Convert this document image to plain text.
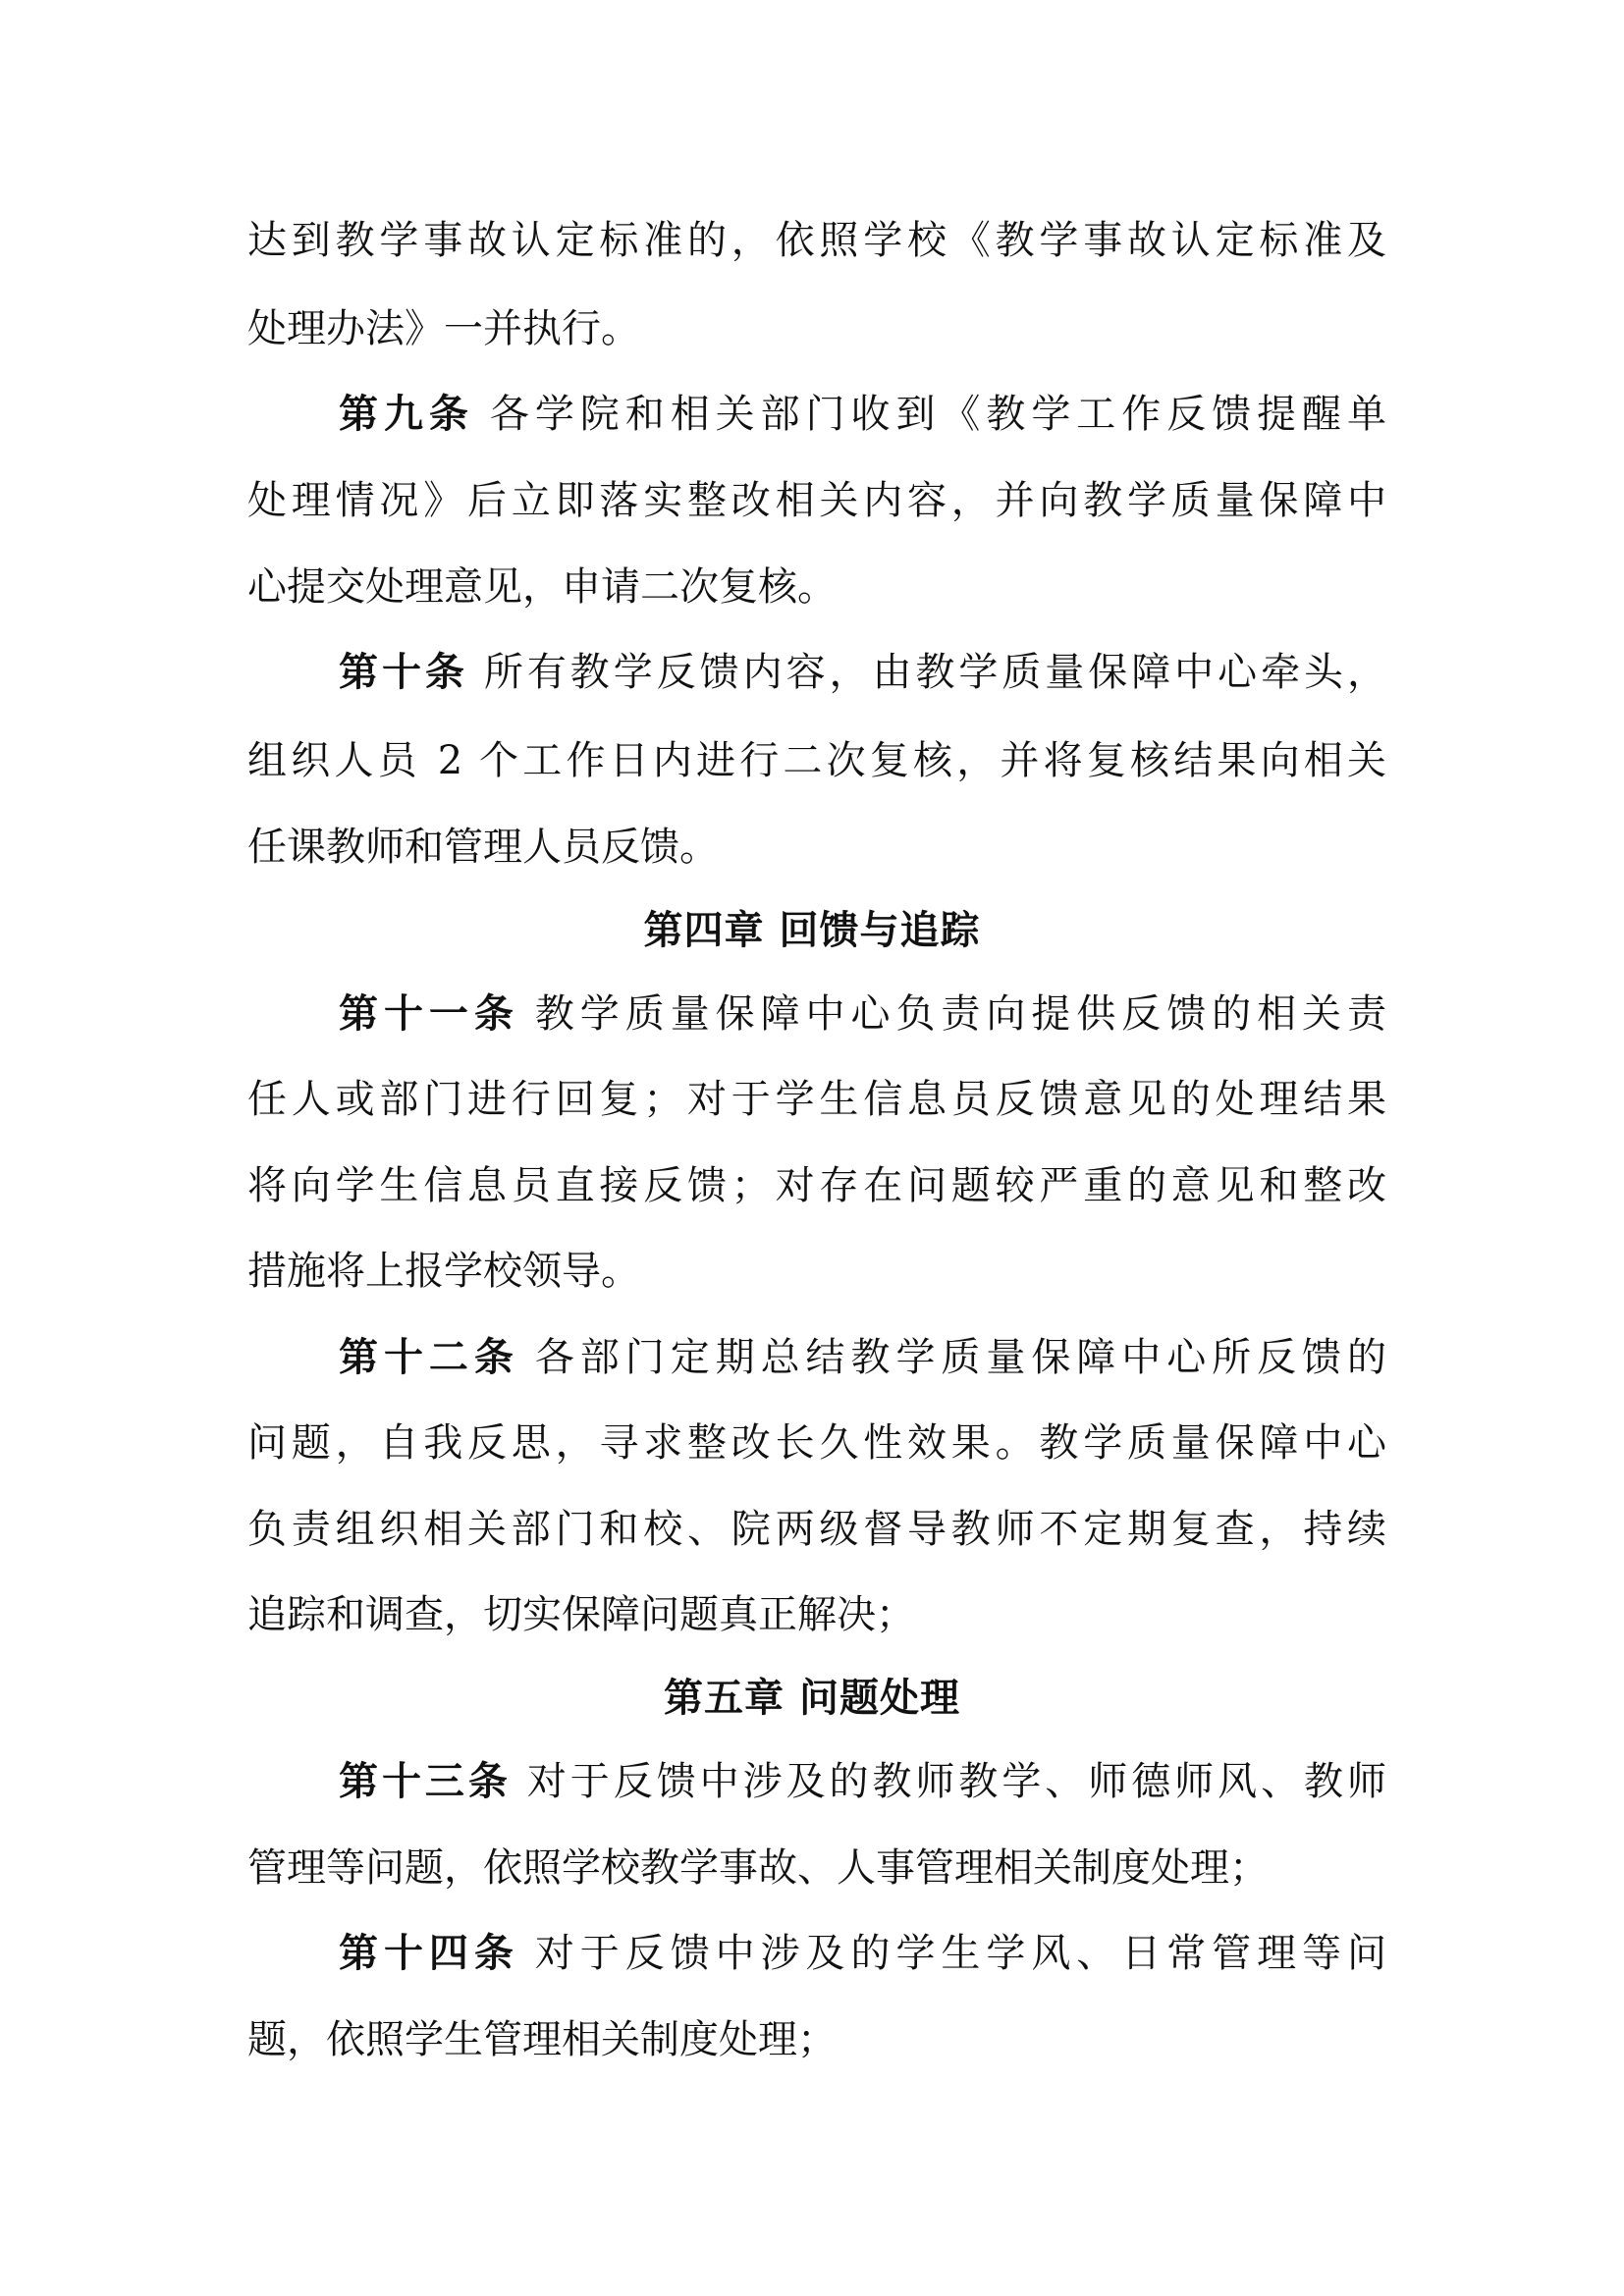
达到教学事故认定标准的，依照学校《教学事故认定标准及
处理办法》一并执行。
第九条 各学院和相关部门收到《教学工作反馈提醒单
处理情况》后立即落实整改相关内容，并向教学质量保障中
心提交处理意见，申请二次复核。
第十条 所有教学反馈内容，由教学质量保障中心牵头，
组织人员 2 个工作日内进行二次复核，并将复核结果向相关
任课教师和管理人员反馈。
第四章 回馈与追踪
第十一条 教学质量保障中心负责向提供反馈的相关责
任人或部门进行回复；对于学生信息员反馈意见的处理结果
将向学生信息员直接反馈；对存在问题较严重的意见和整改
措施将上报学校领导。
第十二条 各部门定期总结教学质量保障中心所反馈的
问题，自我反思，寻求整改长久性效果。教学质量保障中心
负责组织相关部门和校、院两级督导教师不定期复查，持续
追踪和调查，切实保障问题真正解决；
第五章 问题处理
第十三条 对于反馈中涉及的教师教学、师德师风、教师
管理等问题，依照学校教学事故、人事管理相关制度处理；
第十四条 对于反馈中涉及的学生学风、日常管理等问
题，依照学生管理相关制度处理；
